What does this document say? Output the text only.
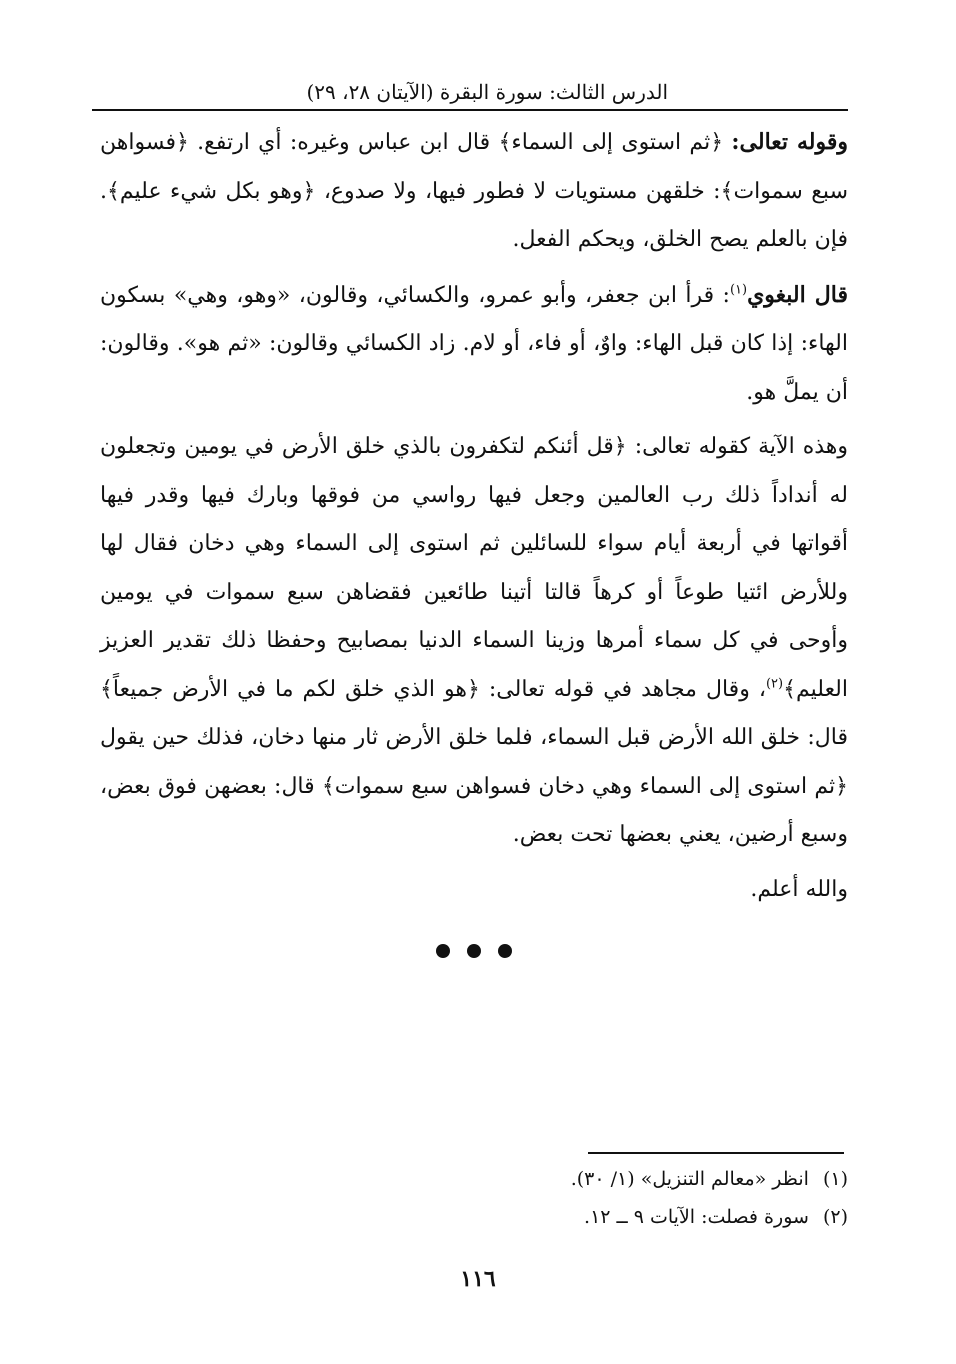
الدرس الثالث: سورة البقرة (الآيتان ٢٨، ٢٩)

وقوله تعالى: ﴿ثم استوى إلى السماء﴾ قال ابن عباس وغيره: أي ارتفع. ﴿فسواهن سبع سموات﴾: خلقهن مستويات لا فطور فيها، ولا صدوع، ﴿وهو بكل شيء عليم﴾. فإن بالعلم يصح الخلق، ويحكم الفعل.

قال البغوي$^{(١)}$: قرأ ابن جعفر، وأبو عمرو، والكسائي، وقالون، «وهو، وهي» بسكون الهاء: إذا كان قبل الهاء: واوٌ، أو فاء، أو لام. زاد الكسائي وقالون: «ثم هو». وقالون: أن يملَّ هو.

وهذه الآية كقوله تعالى: ﴿قل أئنكم لتكفرون بالذي خلق الأرض في يومين وتجعلون له أنداداً ذلك رب العالمين وجعل فيها رواسي من فوقها وبارك فيها وقدر فيها أقواتها في أربعة أيام سواء للسائلين ثم استوى إلى السماء وهي دخان فقال لها وللأرض ائتيا طوعاً أو كرهاً قالتا أتينا طائعين فقضاهن سبع سموات في يومين وأوحى في كل سماء أمرها وزينا السماء الدنيا بمصابيح وحفظا ذلك تقدير العزيز العليم﴾$^{(٢)}$، وقال مجاهد في قوله تعالى: ﴿هو الذي خلق لكم ما في الأرض جميعاً﴾ قال: خلق الله الأرض قبل السماء، فلما خلق الأرض ثار منها دخان، فذلك حين يقول ﴿ثم استوى إلى السماء وهي دخان فسواهن سبع سموات﴾ قال: بعضهن فوق بعض، وسبع أرضين، يعني بعضها تحت بعض.

والله أعلم.

(١)
انظر «معالم التنزيل» (١/ ٣٠).
(٢)
سورة فصلت: الآيات ٩ ــ ١٢.
١١٦
